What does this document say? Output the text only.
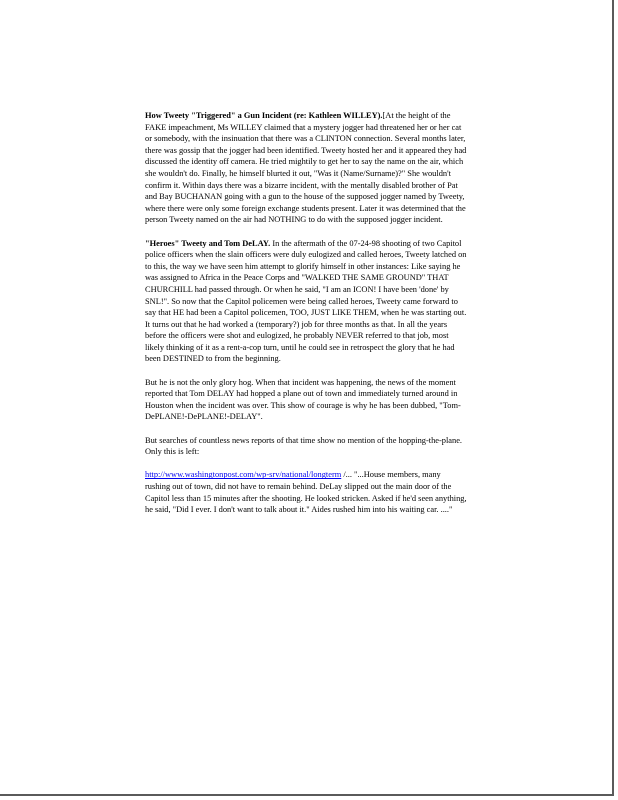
How Tweety "Triggered" a Gun Incident (re: Kathleen WILLEY).[At the height of the FAKE impeachment, Ms WILLEY claimed that a mystery jogger had threatened her or her cat or somebody, with the insinuation that there was a CLINTON connection. Several months later, there was gossip that the jogger had been identified. Tweety hosted her and it appeared they had discussed the identity off camera. He tried mightily to get her to say the name on the air, which she wouldn't do. Finally, he himself blurted it out, "Was it (Name/Surname)?" She wouldn't confirm it. Within days there was a bizarre incident, with the mentally disabled brother of Pat and Bay BUCHANAN going with a gun to the house of the supposed jogger named by Tweety, where there were only some foreign exchange students present. Later it was determined that the person Tweety named on the air had NOTHING to do with the supposed jogger incident.

"Heroes" Tweety and Tom DeLAY. In the aftermath of the 07-24-98 shooting of two Capitol police officers when the slain officers were duly eulogized and called heroes, Tweety latched on to this, the way we have seen him attempt to glorify himself in other instances: Like saying he was assigned to Africa in the Peace Corps and "WALKED THE SAME GROUND" THAT CHURCHILL had passed through. Or when he said, "I am an ICON! I have been 'done' by SNL!". So now that the Capitol policemen were being called heroes, Tweety came forward to say that HE had been a Capitol policemen, TOO, JUST LIKE THEM, when he was starting out. It turns out that he had worked a (temporary?) job for three months as that. In all the years before the officers were shot and eulogized, he probably NEVER referred to that job, most likely thinking of it as a rent-a-cop turn, until he could see in retrospect the glory that he had been DESTINED to from the beginning.

But he is not the only glory hog. When that incident was happening, the news of the moment reported that Tom DELAY had hopped a plane out of town and immediately turned around in Houston when the incident was over. This show of courage is why he has been dubbed, "Tom-DePLANE!-DePLANE!-DELAY".

But searches of countless news reports of that time show no mention of the hopping-the-plane. Only this is left:

http://www.washingtonpost.com/wp-srv/national/longterm /... "...House members, many rushing out of town, did not have to remain behind. DeLay slipped out the main door of the Capitol less than 15 minutes after the shooting. He looked stricken. Asked if he'd seen anything, he said, "Did I ever. I don't want to talk about it." Aides rushed him into his waiting car. ...."
